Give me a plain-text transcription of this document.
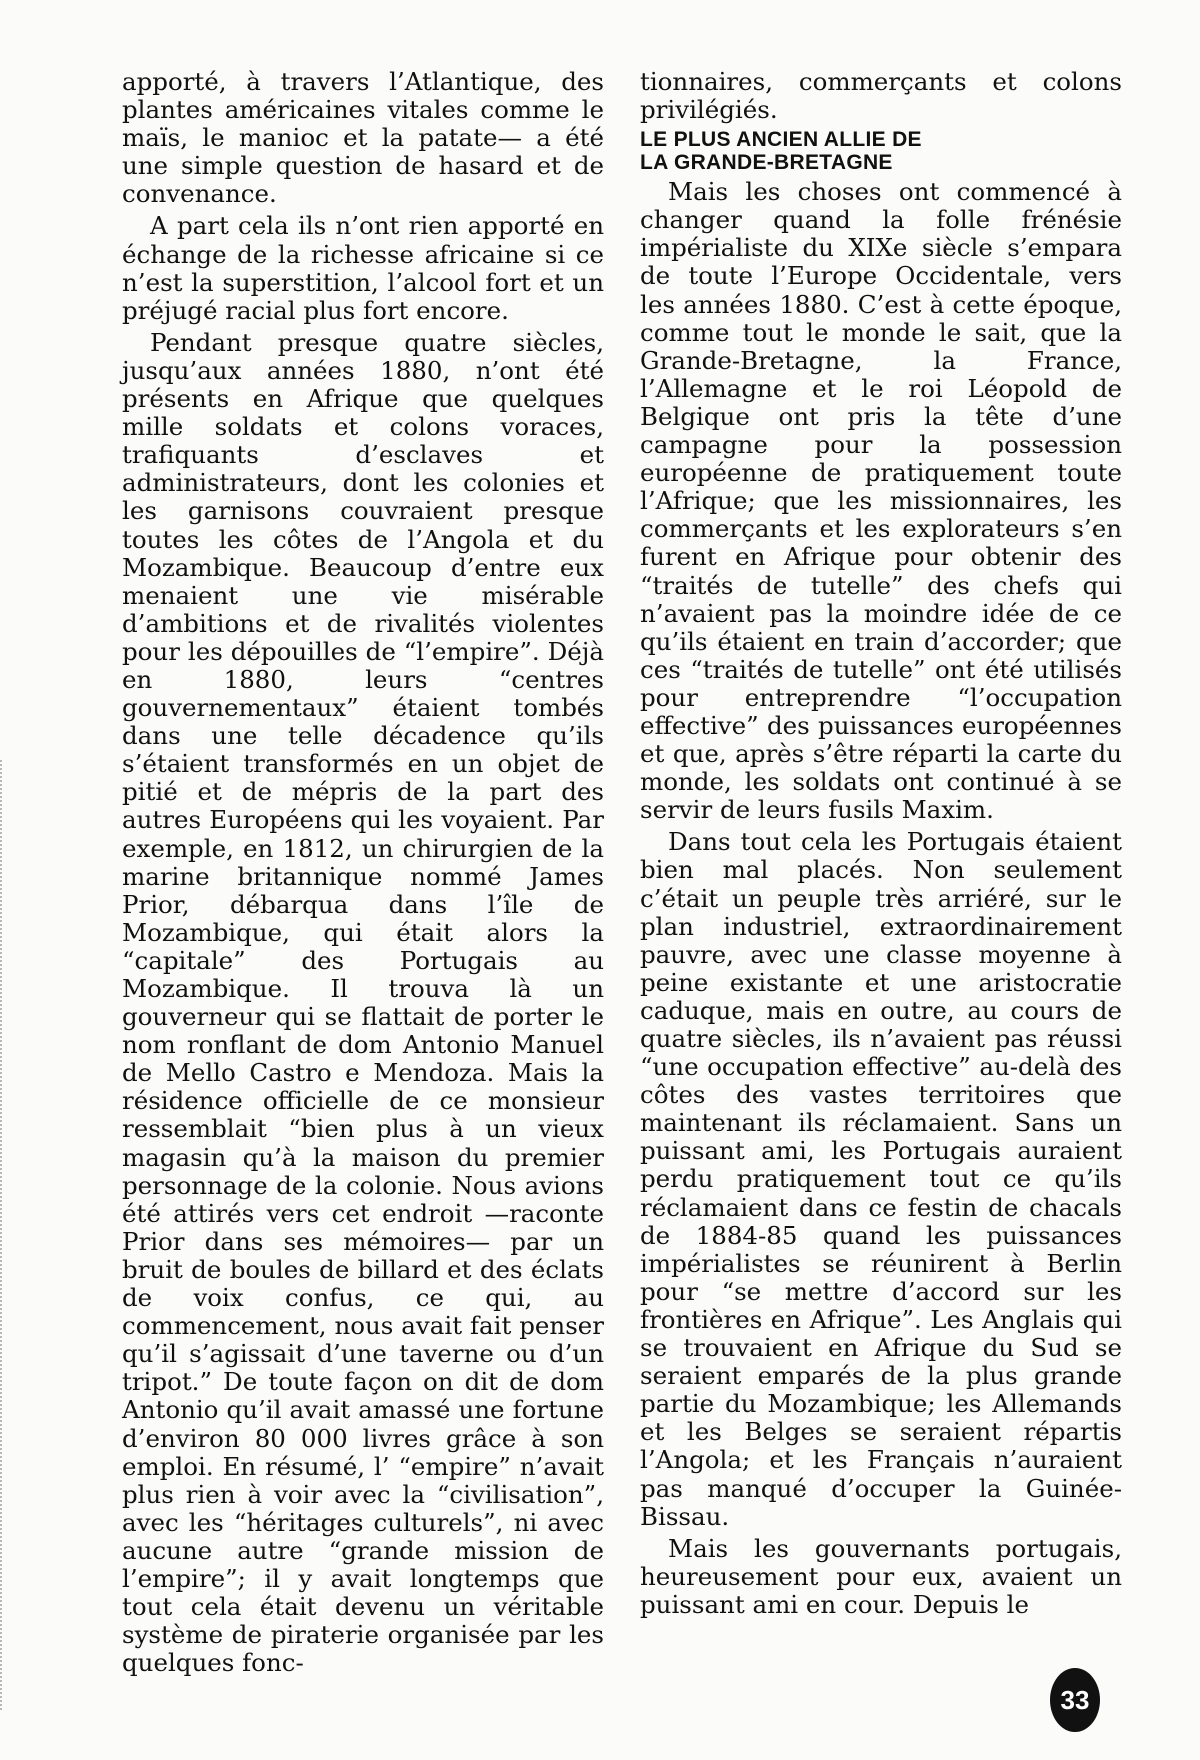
apporté, à travers l’Atlantique, des plantes américaines vitales comme le maïs, le manioc et la patate— a été une simple question de hasard et de convenance.

A part cela ils n’ont rien apporté en échange de la richesse africaine si ce n’est la superstition, l’alcool fort et un préjugé racial plus fort encore.

Pendant presque quatre siècles, jusqu’aux années 1880, n’ont été présents en Afrique que quelques mille soldats et colons voraces, trafiquants d’esclaves et administrateurs, dont les colonies et les garnisons couvraient presque toutes les côtes de l’Angola et du Mozambique. Beaucoup d’entre eux menaient une vie misérable d’ambitions et de rivalités violentes pour les dépouilles de “l’empire”. Déjà en 1880, leurs “centres gouvernementaux” étaient tombés dans une telle décadence qu’ils s’étaient transformés en un objet de pitié et de mépris de la part des autres Européens qui les voyaient. Par exemple, en 1812, un chirurgien de la marine britannique nommé James Prior, débarqua dans l’île de Mozambique, qui était alors la “capitale” des Portugais au Mozambique. Il trouva là un gouverneur qui se flattait de porter le nom ronflant de dom Antonio Manuel de Mello Castro e Mendoza. Mais la résidence officielle de ce monsieur ressemblait “bien plus à un vieux magasin qu’à la maison du premier personnage de la colonie. Nous avions été attirés vers cet endroit —raconte Prior dans ses mémoires— par un bruit de boules de billard et des éclats de voix confus, ce qui, au commencement, nous avait fait penser qu’il s’agissait d’une taverne ou d’un tripot.” De toute façon on dit de dom Antonio qu’il avait amassé une fortune d’environ 80 000 livres grâce à son emploi. En résumé, l’ “empire” n’avait plus rien à voir avec la “civilisation”, avec les “héritages culturels”, ni avec aucune autre “grande mission de l’empire”; il y avait longtemps que tout cela était devenu un véritable système de piraterie organisée par les quelques fonc-

tionnaires, commerçants et colons privilégiés.

LE PLUS ANCIEN ALLIE DE
LA GRANDE-BRETAGNE

Mais les choses ont commencé à changer quand la folle frénésie impérialiste du XIXe siècle s’empara de toute l’Europe Occidentale, vers les années 1880. C’est à cette époque, comme tout le monde le sait, que la Grande-Bretagne, la France, l’Allemagne et le roi Léopold de Belgique ont pris la tête d’une campagne pour la possession européenne de pratiquement toute l’Afrique; que les missionnaires, les commerçants et les explorateurs s’en furent en Afrique pour obtenir des “traités de tutelle” des chefs qui n’avaient pas la moindre idée de ce qu’ils étaient en train d’accorder; que ces “traités de tutelle” ont été utilisés pour entreprendre “l’occupation effective” des puissances européennes et que, après s’être réparti la carte du monde, les soldats ont continué à se servir de leurs fusils Maxim.

Dans tout cela les Portugais étaient bien mal placés. Non seulement c’était un peuple très arriéré, sur le plan industriel, extraordinairement pauvre, avec une classe moyenne à peine existante et une aristocratie caduque, mais en outre, au cours de quatre siècles, ils n’avaient pas réussi “une occupation effective” au-delà des côtes des vastes territoires que maintenant ils réclamaient. Sans un puissant ami, les Portugais auraient perdu pratiquement tout ce qu’ils réclamaient dans ce festin de chacals de 1884-85 quand les puissances impérialistes se réunirent à Berlin pour “se mettre d’accord sur les frontières en Afrique”. Les Anglais qui se trouvaient en Afrique du Sud se seraient emparés de la plus grande partie du Mozambique; les Allemands et les Belges se seraient répartis l’Angola; et les Français n’auraient pas manqué d’occuper la Guinée-Bissau.

Mais les gouvernants portugais, heureusement pour eux, avaient un puissant ami en cour. Depuis le

33
